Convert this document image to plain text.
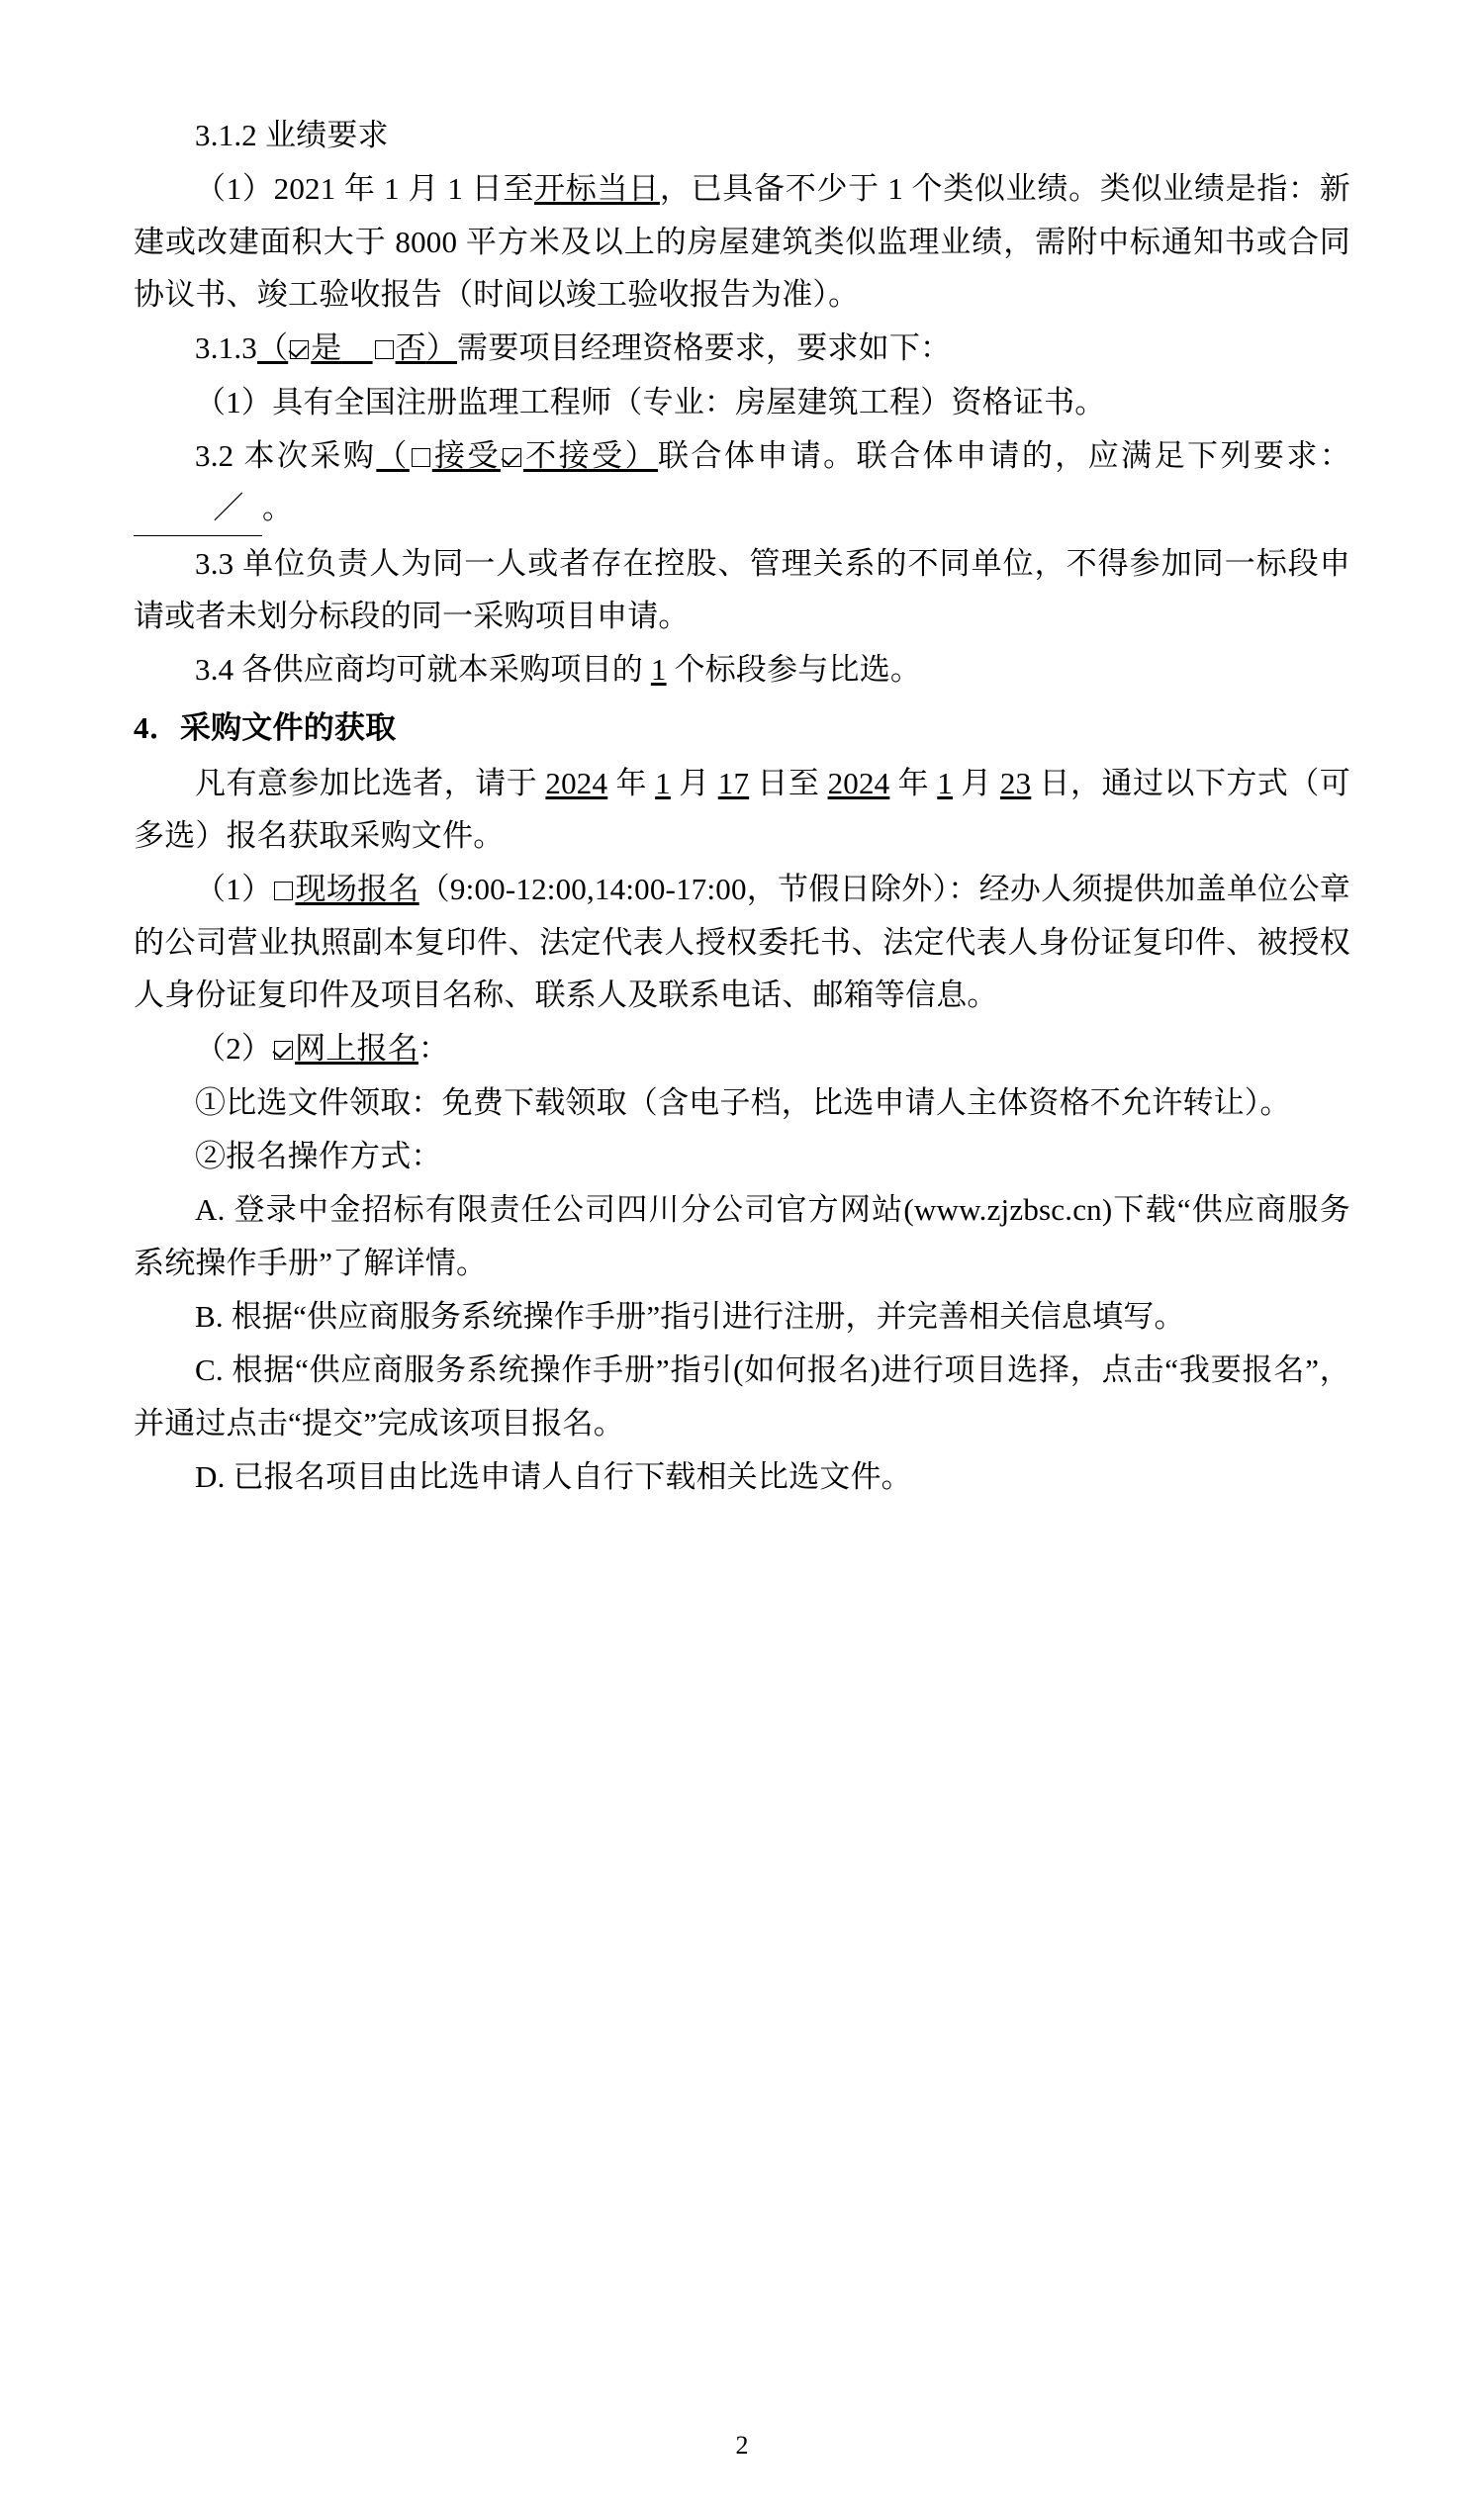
3.1.2 业绩要求

（1）2021 年 1 月 1 日至开标当日，已具备不少于 1 个类似业绩。类似业绩是指：新建或改建面积大于 8000 平方米及以上的房屋建筑类似监理业绩，需附中标通知书或合同协议书、竣工验收报告（时间以竣工验收报告为准）。

3.1.3（ 是　 否）需要项目经理资格要求，要求如下：

（1）具有全国注册监理工程师（专业：房屋建筑工程）资格证书。

3.2 本次采购（ 接受 不接受）联合体申请。联合体申请的，应满足下列要求：／ 。

3.3 单位负责人为同一人或者存在控股、管理关系的不同单位，不得参加同一标段申请或者未划分标段的同一采购项目申请。

3.4 各供应商均可就本采购项目的 1 个标段参与比选。

4．采购文件的获取

凡有意参加比选者，请于 2024 年 1 月 17 日至 2024 年 1 月 23 日，通过以下方式（可多选）报名获取采购文件。

（1） 现场报名（9:00-12:00,14:00-17:00，节假日除外）：经办人须提供加盖单位公章的公司营业执照副本复印件、法定代表人授权委托书、法定代表人身份证复印件、被授权人身份证复印件及项目名称、联系人及联系电话、邮箱等信息。

（2） 网上报名：

①比选文件领取：免费下载领取（含电子档，比选申请人主体资格不允许转让）。

②报名操作方式：

A. 登录中金招标有限责任公司四川分公司官方网站(www.zjzbsc.cn)下载“供应商服务系统操作手册”了解详情。

B. 根据“供应商服务系统操作手册”指引进行注册，并完善相关信息填写。

C. 根据“供应商服务系统操作手册”指引(如何报名)进行项目选择，点击“我要报名”，并通过点击“提交”完成该项目报名。

D. 已报名项目由比选申请人自行下载相关比选文件。

2
